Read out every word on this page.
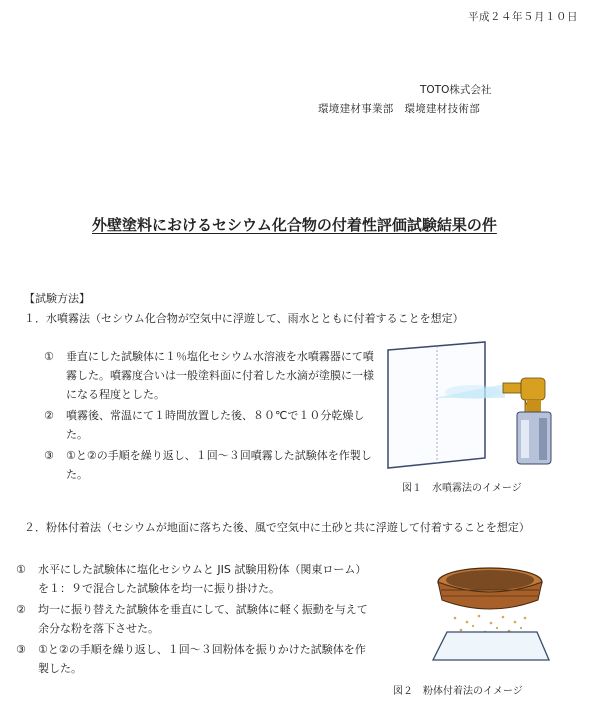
平成２４年５月１０日
TOTO株式会社
環境建材事業部　環境建材技術部
外壁塗料におけるセシウム化合物の付着性評価試験結果の件
【試験方法】
１．水噴霧法（セシウム化合物が空気中に浮遊して、雨水とともに付着することを想定）
①	垂直にした試験体に１％塩化セシウム水溶液を水噴霧器にて噴霧した。噴霧度合いは一般塗料面に付着した水滴が塗膜に一様になる程度とした。
②	噴霧後、常温にて１時間放置した後、８０℃で１０分乾燥した。
③	①と②の手順を繰り返し、１回～３回噴霧した試験体を作製した。
図１　水噴霧法のイメージ
２．粉体付着法（セシウムが地面に落ちた後、風で空気中に土砂と共に浮遊して付着することを想定）
①	水平にした試験体に塩化セシウムと JIS 試験用粉体（関東ローム）を１：９で混合した試験体を均一に振り掛けた。
②	均一に振り替えた試験体を垂直にして、試験体に軽く振動を与えて余分な粉を落下させた。
③	①と②の手順を繰り返し、１回～３回粉体を振りかけた試験体を作製した。
図２　粉体付着法のイメージ
